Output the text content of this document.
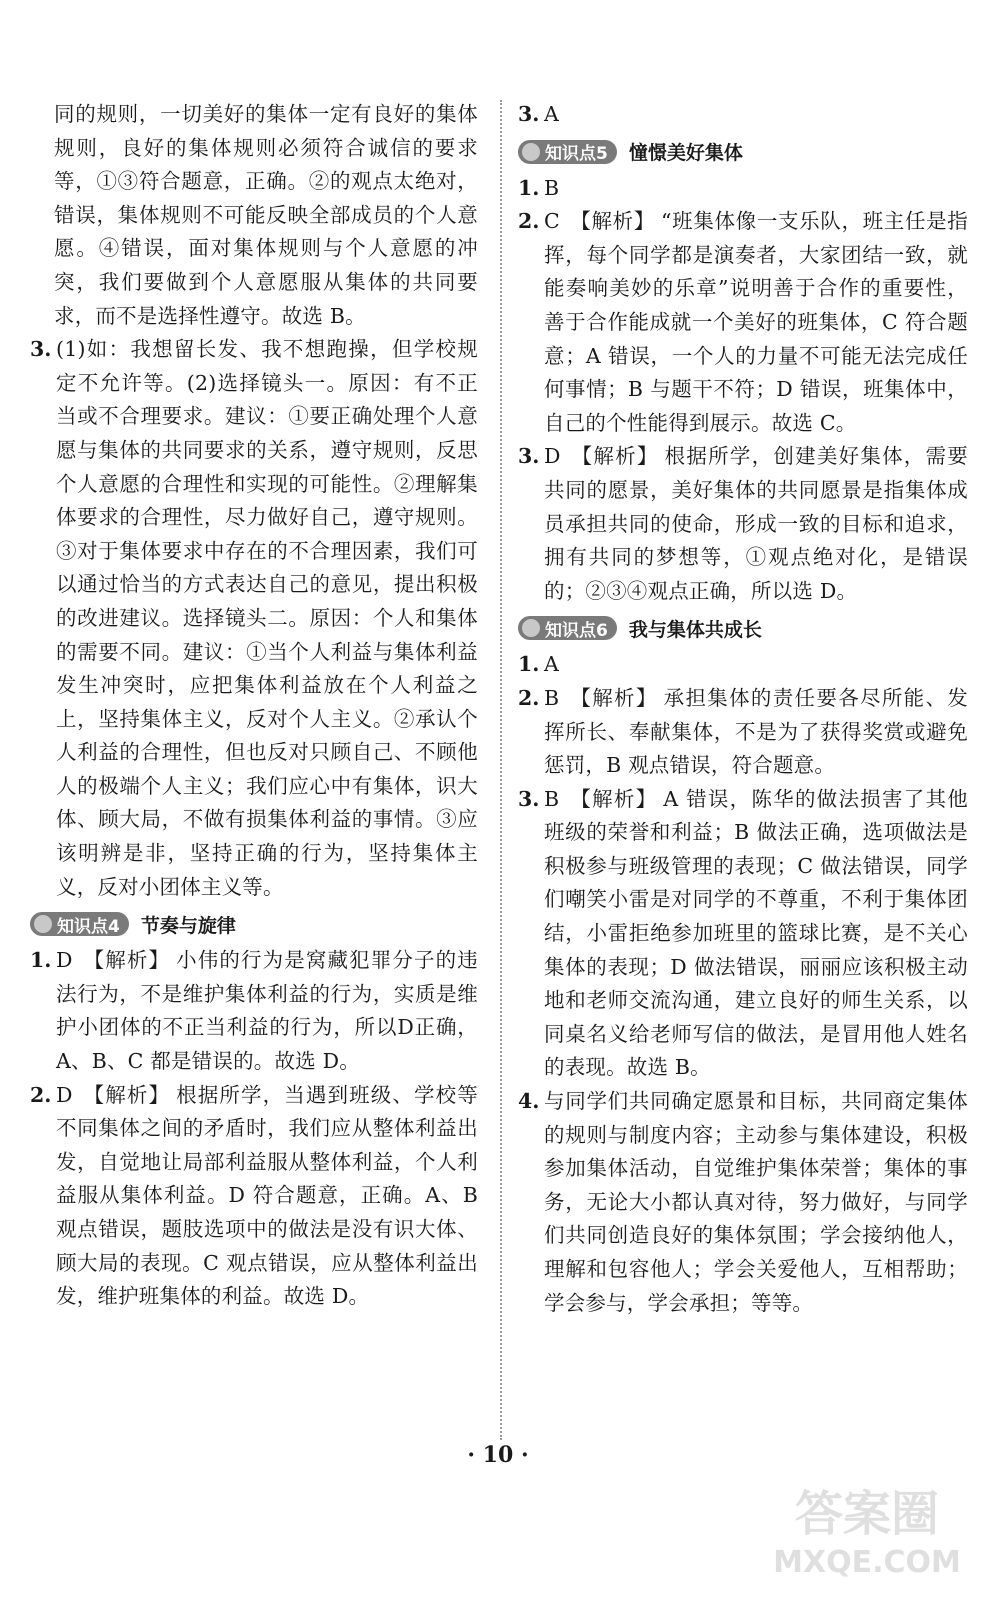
同的规则，一切美好的集体一定有良好的集体规则，良好的集体规则必须符合诚信的要求等，①③符合题意，正确。②的观点太绝对，错误，集体规则不可能反映全部成员的个人意愿。④错误，面对集体规则与个人意愿的冲突，我们要做到个人意愿服从集体的共同要求，而不是选择性遵守。故选 B。

3. (1)如：我想留长发、我不想跑操，但学校规定不允许等。(2)选择镜头一。原因：有不正当或不合理要求。建议：①要正确处理个人意愿与集体的共同要求的关系，遵守规则，反思个人意愿的合理性和实现的可能性。②理解集体要求的合理性，尽力做好自己，遵守规则。③对于集体要求中存在的不合理因素，我们可以通过恰当的方式表达自己的意见，提出积极的改进建议。选择镜头二。原因：个人和集体的需要不同。建议：①当个人利益与集体利益发生冲突时，应把集体利益放在个人利益之上，坚持集体主义，反对个人主义。②承认个人利益的合理性，但也反对只顾自己、不顾他人的极端个人主义；我们应心中有集体，识大体、顾大局，不做有损集体利益的事情。③应该明辨是非，坚持正确的行为，坚持集体主义，反对小团体主义等。

知识点4 节奏与旋律
1. D 【解析】 小伟的行为是窝藏犯罪分子的违法行为，不是维护集体利益的行为，实质是维护小团体的不正当利益的行为，所以D正确，A、B、C 都是错误的。故选 D。

2. D 【解析】 根据所学，当遇到班级、学校等不同集体之间的矛盾时，我们应从整体利益出发，自觉地让局部利益服从整体利益，个人利益服从集体利益。D 符合题意，正确。A、B 观点错误，题肢选项中的做法是没有识大体、顾大局的表现。C 观点错误，应从整体利益出发，维护班集体的利益。故选 D。

3. A

知识点5 憧憬美好集体
1. B

2. C 【解析】 “班集体像一支乐队，班主任是指挥，每个同学都是演奏者，大家团结一致，就能奏响美妙的乐章”说明善于合作的重要性，善于合作能成就一个美好的班集体，C 符合题意；A 错误，一个人的力量不可能无法完成任何事情；B 与题干不符；D 错误，班集体中，自己的个性能得到展示。故选 C。

3. D 【解析】 根据所学，创建美好集体，需要共同的愿景，美好集体的共同愿景是指集体成员承担共同的使命，形成一致的目标和追求，拥有共同的梦想等，①观点绝对化，是错误的；②③④观点正确，所以选 D。

知识点6 我与集体共成长
1. A

2. B 【解析】 承担集体的责任要各尽所能、发挥所长、奉献集体，不是为了获得奖赏或避免惩罚，B 观点错误，符合题意。

3. B 【解析】 A 错误，陈华的做法损害了其他班级的荣誉和利益；B 做法正确，选项做法是积极参与班级管理的表现；C 做法错误，同学们嘲笑小雷是对同学的不尊重，不利于集体团结，小雷拒绝参加班里的篮球比赛，是不关心集体的表现；D 做法错误，丽丽应该积极主动地和老师交流沟通，建立良好的师生关系，以同桌名义给老师写信的做法，是冒用他人姓名的表现。故选 B。

4. 与同学们共同确定愿景和目标，共同商定集体的规则与制度内容；主动参与集体建设，积极参加集体活动，自觉维护集体荣誉；集体的事务，无论大小都认真对待，努力做好，与同学们共同创造良好的集体氛围；学会接纳他人，理解和包容他人；学会关爱他人，互相帮助；学会参与，学会承担；等等。

· 10 ·
答案圈
MXQE.COM
